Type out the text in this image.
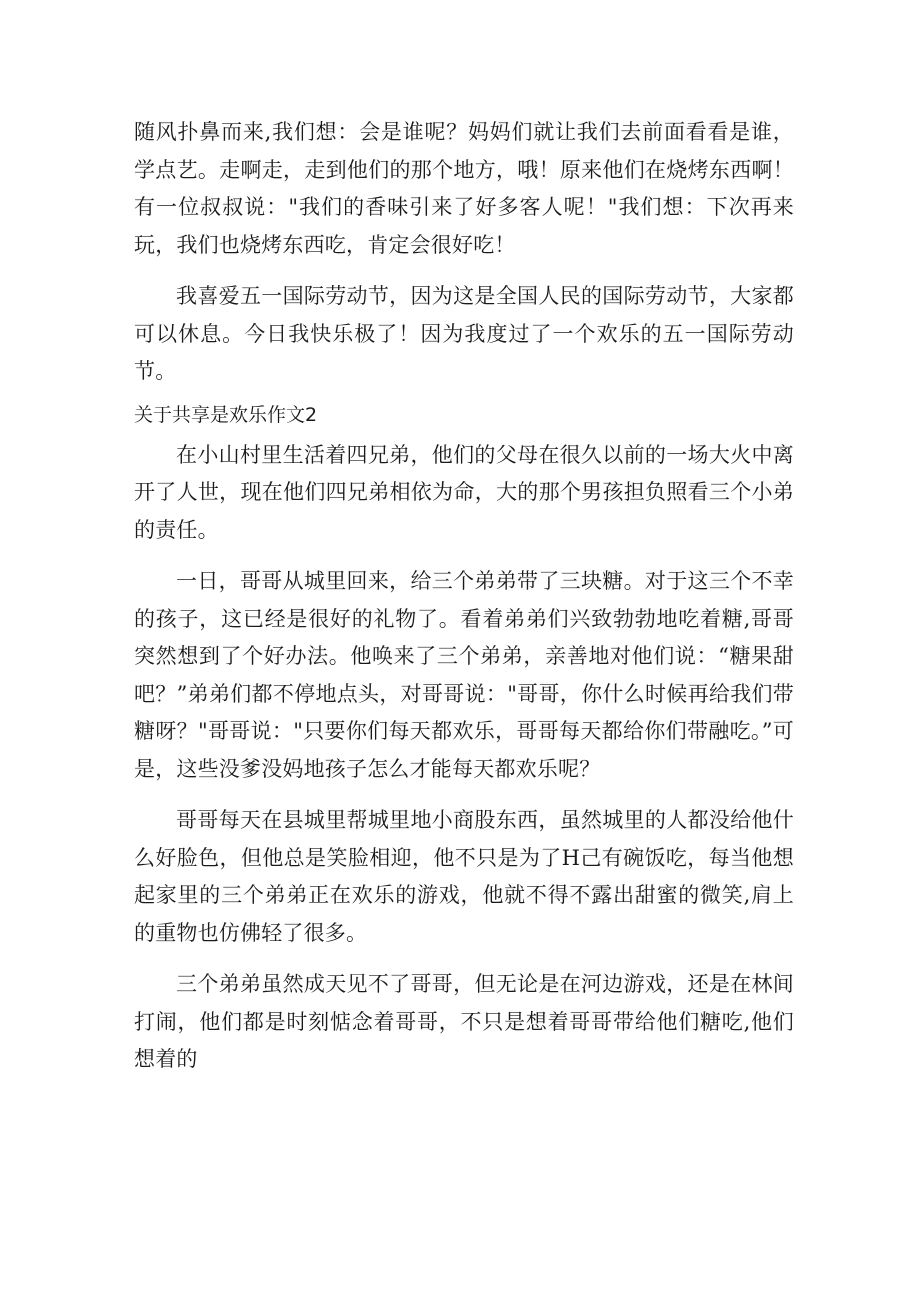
随风扑鼻而来,我们想：会是谁呢？妈妈们就让我们去前面看看是谁，学点艺。走啊走，走到他们的那个地方，哦！原来他们在烧烤东西啊！有一位叔叔说："我们的香味引来了好多客人呢！"我们想：下次再来玩，我们也烧烤东西吃，肯定会很好吃！

我喜爱五一国际劳动节，因为这是全国人民的国际劳动节，大家都可以休息。今日我快乐极了！因为我度过了一个欢乐的五一国际劳动节。

关于共享是欢乐作文2

在小山村里生活着四兄弟，他们的父母在很久以前的一场大火中离开了人世，现在他们四兄弟相依为命，大的那个男孩担负照看三个小弟的责任。

一日，哥哥从城里回来，给三个弟弟带了三块糖。对于这三个不幸的孩子，这已经是很好的礼物了。看着弟弟们兴致勃勃地吃着糖,哥哥突然想到了个好办法。他唤来了三个弟弟，亲善地对他们说：“糖果甜吧？”弟弟们都不停地点头，对哥哥说："哥哥，你什么时候再给我们带糖呀？"哥哥说："只要你们每天都欢乐，哥哥每天都给你们带融吃。”可是，这些没爹没妈地孩子怎么才能每天都欢乐呢？

哥哥每天在县城里帮城里地小商股东西，虽然城里的人都没给他什么好脸色，但他总是笑脸相迎，他不只是为了H己有碗饭吃，每当他想起家里的三个弟弟正在欢乐的游戏，他就不得不露出甜蜜的微笑,肩上的重物也仿佛轻了很多。

三个弟弟虽然成天见不了哥哥，但无论是在河边游戏，还是在林间打闹，他们都是时刻惦念着哥哥，不只是想着哥哥带给他们糖吃,他们想着的
